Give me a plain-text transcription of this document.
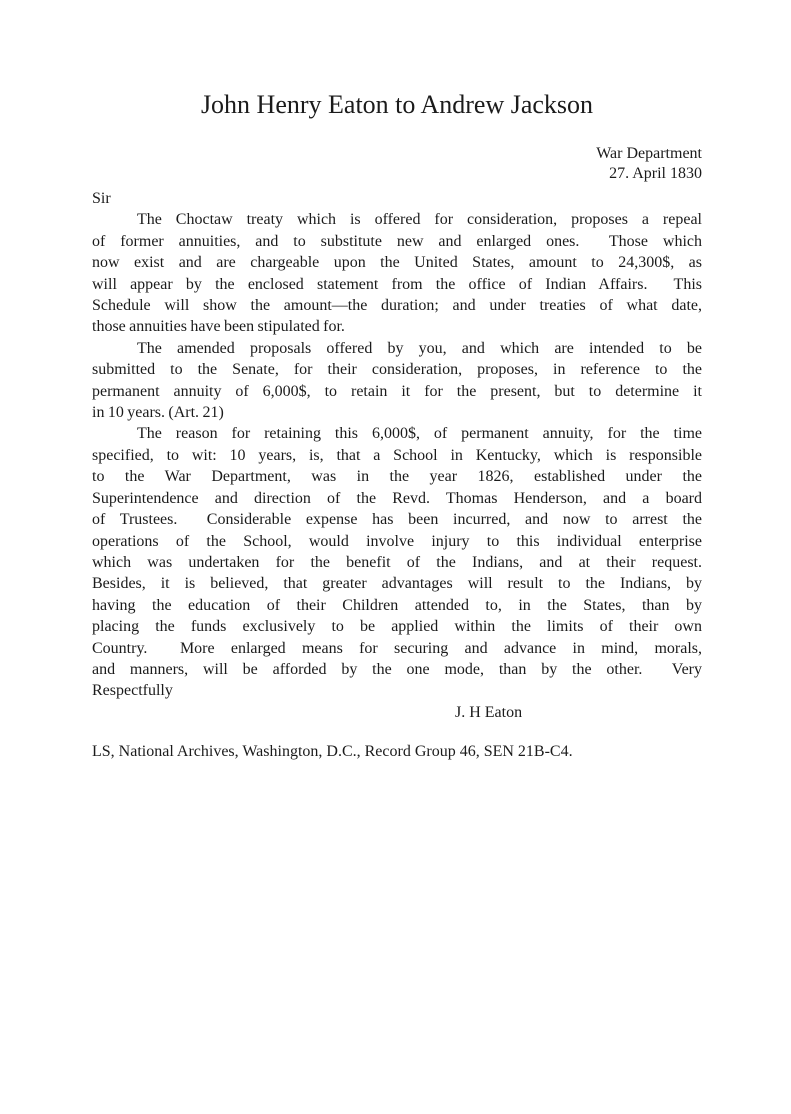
John Henry Eaton to Andrew Jackson
War Department
27. April 1830
Sir
The Choctaw treaty which is offered for consideration, proposes a repeal
of former annuities, and to substitute new and enlarged ones.  Those which
now exist and are chargeable upon the United States, amount to 24,300$, as
will appear by the enclosed statement from the office of Indian Affairs.  This
Schedule will show the amount—the duration; and under treaties of what date,
those annuities have been stipulated for.
The amended proposals offered by you, and which are intended to be
submitted to the Senate, for their consideration, proposes, in reference to the
permanent annuity of 6,000$, to retain it for the present, but to determine it
in 10 years. (Art. 21)
The reason for retaining this 6,000$, of permanent annuity, for the time
specified, to wit: 10 years, is, that a School in Kentucky, which is responsible
to the War Department, was in the year 1826, established under the
Superintendence and direction of the Revd. Thomas Henderson, and a board
of Trustees.  Considerable expense has been incurred, and now to arrest the
operations of the School, would involve injury to this individual enterprise
which was undertaken for the benefit of the Indians, and at their request.
Besides, it is believed, that greater advantages will result to the Indians, by
having the education of their Children attended to, in the States, than by
placing the funds exclusively to be applied within the limits of their own
Country.  More enlarged means for securing and advance in mind, morals,
and manners, will be afforded by the one mode, than by the other.  Very
Respectfully
J. H Eaton
LS, National Archives, Washington, D.C., Record Group 46, SEN 21B-C4.
